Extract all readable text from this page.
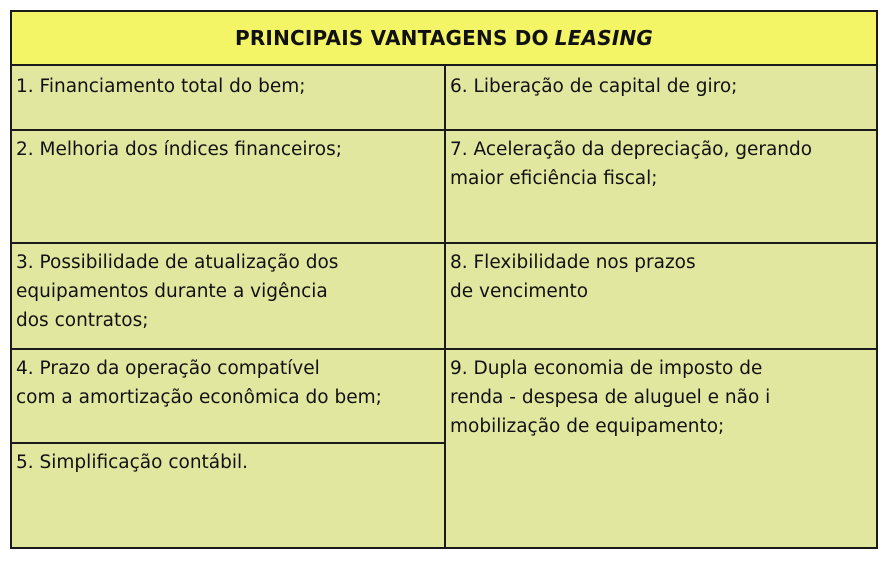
PRINCIPAIS VANTAGENS DO LEASING
1. Financiamento total do bem;
2. Melhoria dos índices financeiros;
3. Possibilidade de atualização dos
equipamentos durante a vigência
dos contratos;
4. Prazo da operação compatível
com a amortização econômica do bem;
5. Simplificação contábil.
6. Liberação de capital de giro;
7. Aceleração da depreciação, gerando
maior eficiência fiscal;
8. Flexibilidade nos prazos
de vencimento
9. Dupla economia de imposto de
renda - despesa de aluguel e não i
mobilização de equipamento;
